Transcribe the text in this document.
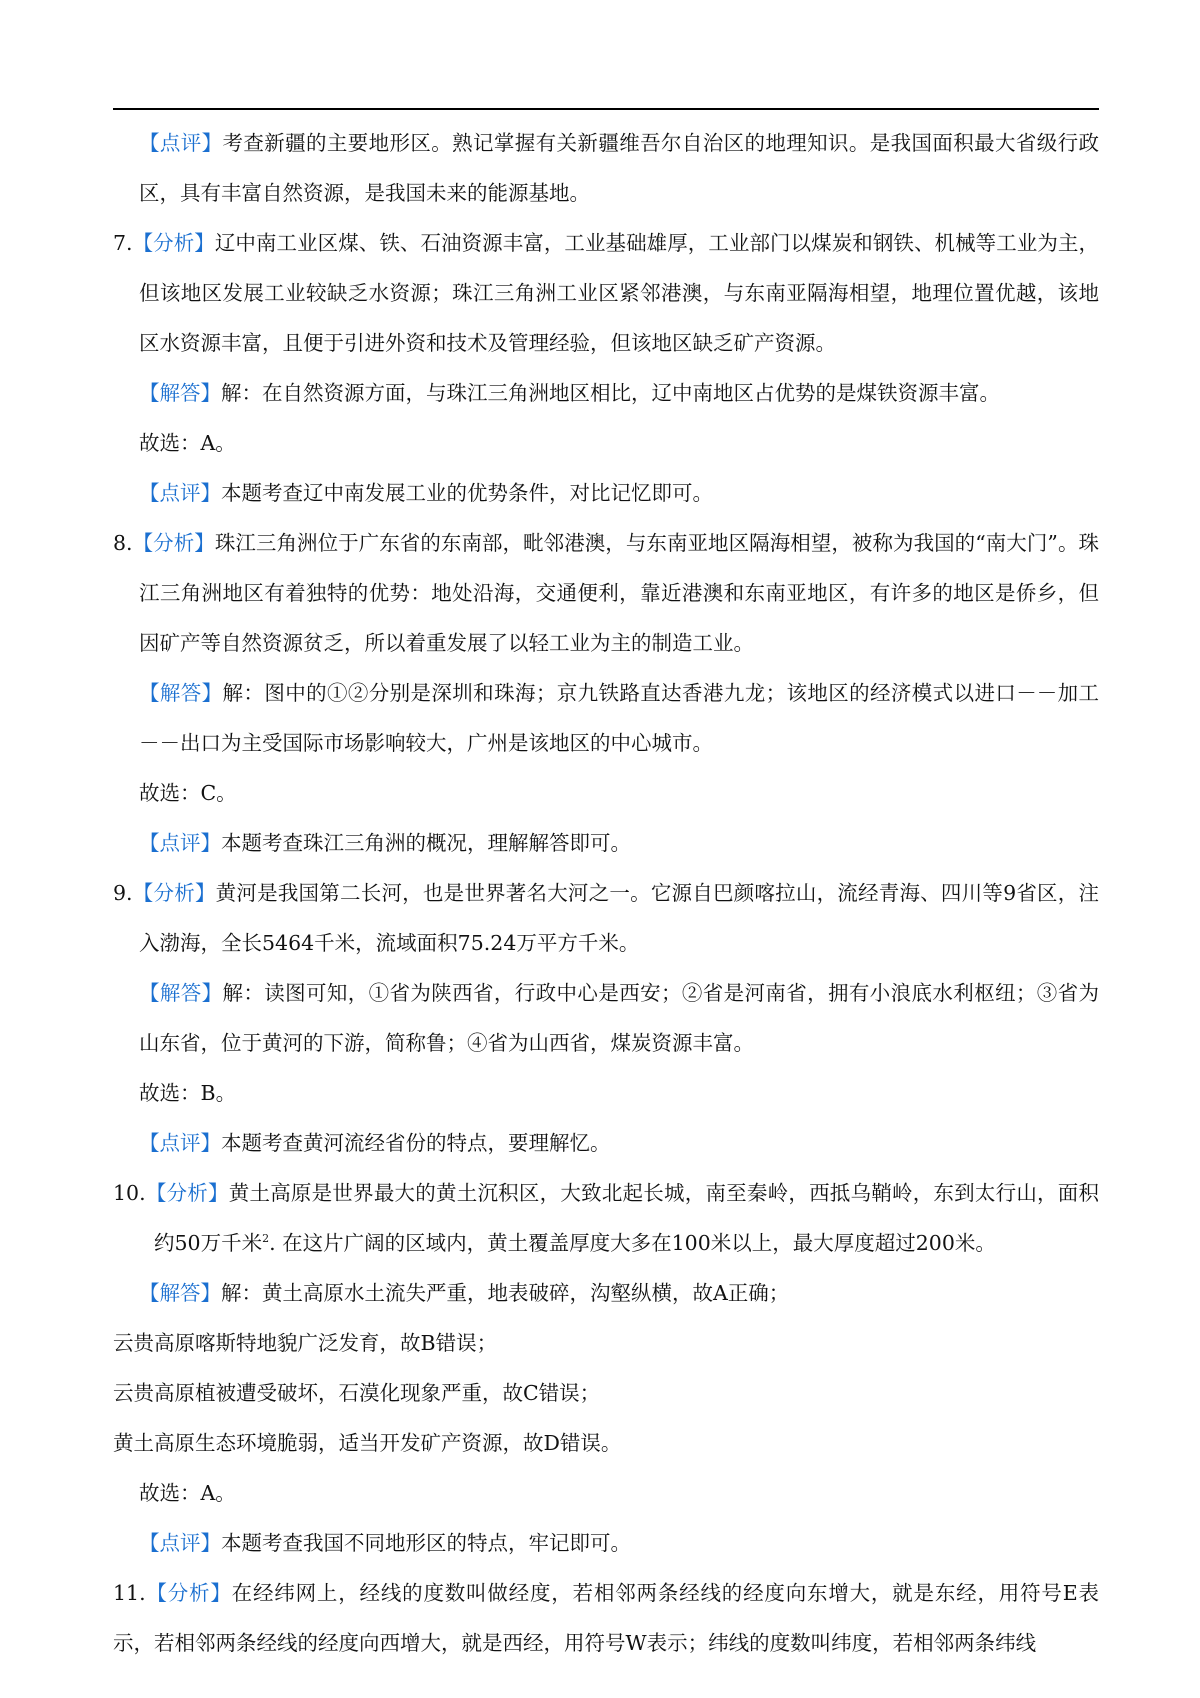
【点评】考查新疆的主要地形区。熟记掌握有关新疆维吾尔自治区的地理知识。是我国面积最大省级行政区，具有丰富自然资源，是我国未来的能源基地。

7.【分析】辽中南工业区煤、铁、石油资源丰富，工业基础雄厚，工业部门以煤炭和钢铁、机械等工业为主，但该地区发展工业较缺乏水资源；珠江三角洲工业区紧邻港澳，与东南亚隔海相望，地理位置优越，该地区水资源丰富，且便于引进外资和技术及管理经验，但该地区缺乏矿产资源。

【解答】解：在自然资源方面，与珠江三角洲地区相比，辽中南地区占优势的是煤铁资源丰富。

故选：A。

【点评】本题考查辽中南发展工业的优势条件，对比记忆即可。

8.【分析】珠江三角洲位于广东省的东南部，毗邻港澳，与东南亚地区隔海相望，被称为我国的“南大门”。珠江三角洲地区有着独特的优势：地处沿海，交通便利，靠近港澳和东南亚地区，有许多的地区是侨乡，但因矿产等自然资源贫乏，所以着重发展了以轻工业为主的制造工业。

【解答】解：图中的①②分别是深圳和珠海；京九铁路直达香港九龙；该地区的经济模式以进口－－加工－－出口为主受国际市场影响较大，广州是该地区的中心城市。

故选：C。

【点评】本题考查珠江三角洲的概况，理解解答即可。

9.【分析】黄河是我国第二长河，也是世界著名大河之一。它源自巴颜喀拉山，流经青海、四川等9省区，注入渤海，全长5464千米，流域面积75.24万平方千米。

【解答】解：读图可知，①省为陕西省，行政中心是西安；②省是河南省，拥有小浪底水利枢纽；③省为山东省，位于黄河的下游，简称鲁；④省为山西省，煤炭资源丰富。

故选：B。

【点评】本题考查黄河流经省份的特点，要理解忆。

10.【分析】黄土高原是世界最大的黄土沉积区，大致北起长城，南至秦岭，西抵乌鞘岭，东到太行山，面积约50万千米$^2$. 在这片广阔的区域内，黄土覆盖厚度大多在100米以上，最大厚度超过200米。

【解答】解：黄土高原水土流失严重，地表破碎，沟壑纵横，故A正确；

云贵高原喀斯特地貌广泛发育，故B错误；

云贵高原植被遭受破坏，石漠化现象严重，故C错误；

黄土高原生态环境脆弱，适当开发矿产资源，故D错误。

故选：A。

【点评】本题考查我国不同地形区的特点，牢记即可。

11.【分析】在经纬网上，经线的度数叫做经度，若相邻两条经线的经度向东增大，就是东经，用符号E表示，若相邻两条经线的经度向西增大，就是西经，用符号W表示；纬线的度数叫纬度，若相邻两条纬线
